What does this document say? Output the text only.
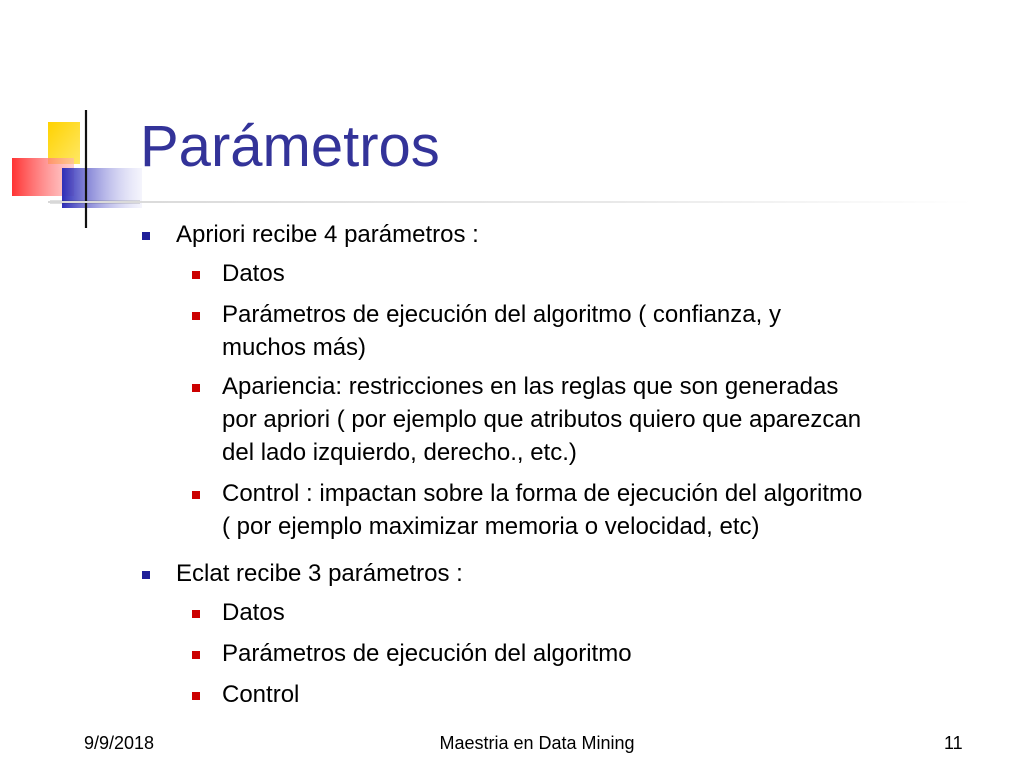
Parámetros
Apriori recibe 4 parámetros :
Datos
Parámetros de ejecución del algoritmo ( confianza, y
muchos más)
Apariencia: restricciones en las reglas que son generadas
por apriori ( por ejemplo que atributos quiero que aparezcan
del lado izquierdo, derecho., etc.)
Control : impactan sobre la forma de ejecución del algoritmo
( por ejemplo maximizar memoria o velocidad, etc)
Eclat recibe 3 parámetros :
Datos
Parámetros de ejecución del algoritmo
Control
9/9/2018	Maestria en Data Mining	11
